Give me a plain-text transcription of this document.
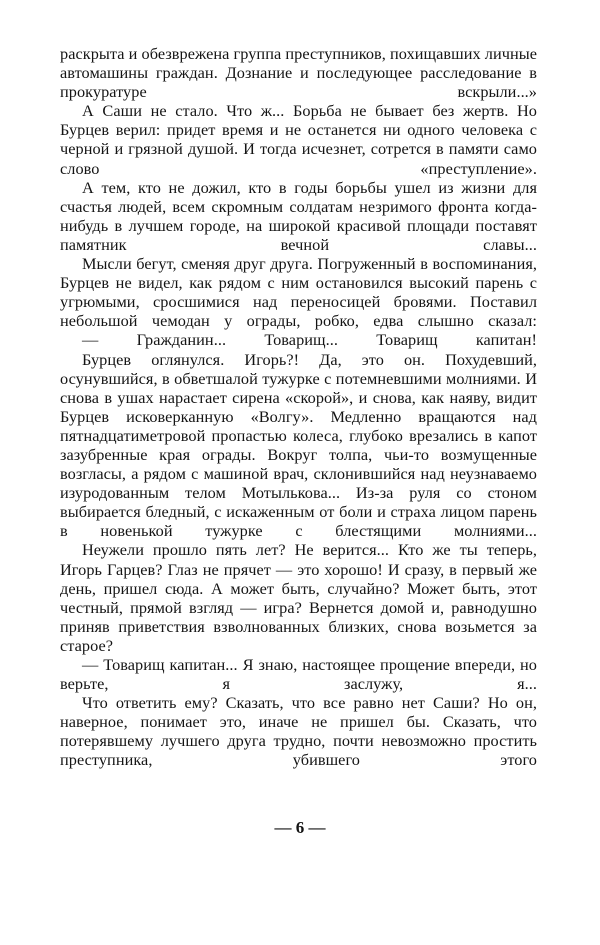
раскрыта и обезврежена группа преступников, похищавших личные автомашины граждан. Дознание и последующее расследование в прокуратуре вскрыли...»

А Саши не стало. Что ж... Борьба не бывает без жертв. Но Бурцев верил: придет время и не останется ни одного человека с черной и грязной душой. И тогда исчезнет, сотрется в памяти само слово «преступление».

А тем, кто не дожил, кто в годы борьбы ушел из жизни для счастья людей, всем скромным солдатам незримого фронта когда-нибудь в лучшем городе, на широкой красивой площади поставят памятник вечной славы...

Мысли бегут, сменяя друг друга. Погруженный в воспоминания, Бурцев не видел, как рядом с ним остановился высокий парень с угрюмыми, сросшимися над переносицей бровями. Поставил небольшой чемодан у ограды, робко, едва слышно сказал:

— Гражданин... Товарищ... Товарищ капитан!

Бурцев оглянулся. Игорь?! Да, это он. Похудевший, осунувшийся, в обветшалой тужурке с потемневшими молниями. И снова в ушах нарастает сирена «скорой», и снова, как наяву, видит Бурцев исковерканную «Волгу». Медленно вращаются над пятнадцатиметровой пропастью колеса, глубоко врезались в капот зазубренные края ограды. Вокруг толпа, чьи-то возмущенные возгласы, а рядом с машиной врач, склонившийся над неузнаваемо изуродованным телом Мотылькова... Из-за руля со стоном выбирается бледный, с искаженным от боли и страха лицом парень в новенькой тужурке с блестящими молниями...

Неужели прошло пять лет? Не верится... Кто же ты теперь, Игорь Гарцев? Глаз не прячет — это хорошо! И сразу, в первый же день, пришел сюда. А может быть, случайно? Может быть, этот честный, прямой взгляд — игра? Вернется домой и, равнодушно приняв приветствия взволнованных близких, снова возьмется за старое?

— Товарищ капитан... Я знаю, настоящее прощение впереди, но верьте, я заслужу, я...

Что ответить ему? Сказать, что все равно нет Саши? Но он, наверное, понимает это, иначе не пришел бы. Сказать, что потерявшему лучшего друга трудно, почти невозможно простить преступника, убившего этого

— 6 —
